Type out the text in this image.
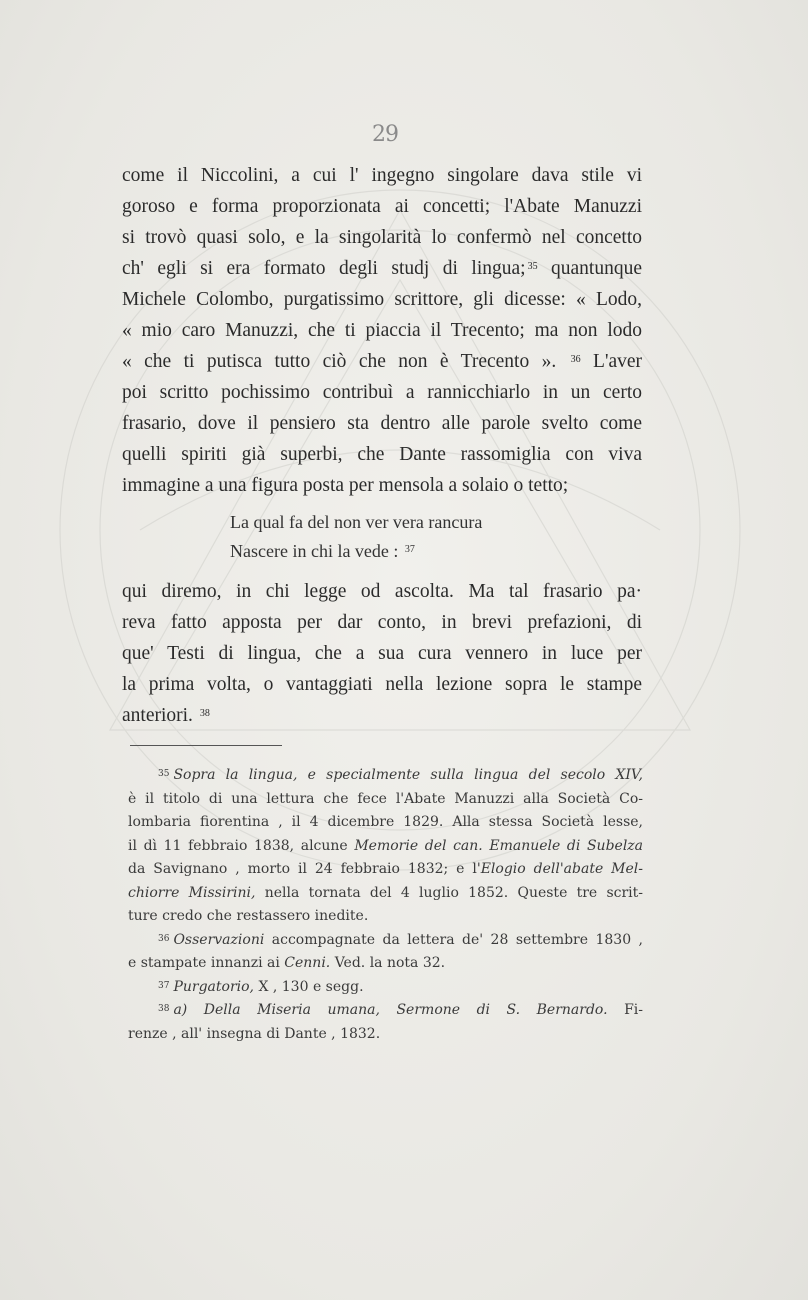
29
come il Niccolini, a cui l' ingegno singolare dava stile vi
goroso e forma proporzionata ai concetti; l'Abate Manuzzi
si trovò quasi solo, e la singolarità lo confermò nel concetto
ch' egli si era formato degli studj di lingua; $^{35}$ quantunque
Michele Colombo, purgatissimo scrittore, gli dicesse: « Lodo,
« mio caro Manuzzi, che ti piaccia il Trecento; ma non lodo
« che ti putisca tutto ciò che non è Trecento ». $^{36}$ L'aver
poi scritto pochissimo contribuì a rannicchiarlo in un certo
frasario, dove il pensiero sta dentro alle parole svelto come
quelli spiriti già superbi, che Dante rassomiglia con viva
immagine a una figura posta per mensola a solaio o tetto;
La qual fa del non ver vera rancura
Nascere in chi la vede : $^{37}$
qui diremo, in chi legge od ascolta. Ma tal frasario pa·
reva fatto apposta per dar conto, in brevi prefazioni, di
que' Testi di lingua, che a sua cura vennero in luce per
la prima volta, o vantaggiati nella lezione sopra le stampe
anteriori. $^{38}$
$^{35}$ Sopra la lingua, e specialmente sulla lingua del secolo XIV,
è il titolo di una lettura che fece l'Abate Manuzzi alla Società Co-
lombaria fiorentina , il 4 dicembre 1829. Alla stessa Società lesse,
il dì 11 febbraio 1838, alcune Memorie del can. Emanuele di Subelza
da Savignano , morto il 24 febbraio 1832; e l'Elogio dell'abate Mel-
chiorre Missirini, nella tornata del 4 luglio 1852. Queste tre scrit-
ture credo che restassero inedite.
$^{36}$ Osservazioni accompagnate da lettera de' 28 settembre 1830 ,
e stampate innanzi ai Cenni. Ved. la nota 32.
$^{37}$ Purgatorio, X , 130 e segg.
$^{38}$ a) Della Miseria umana, Sermone di S. Bernardo. Fi-
renze , all' insegna di Dante , 1832.
